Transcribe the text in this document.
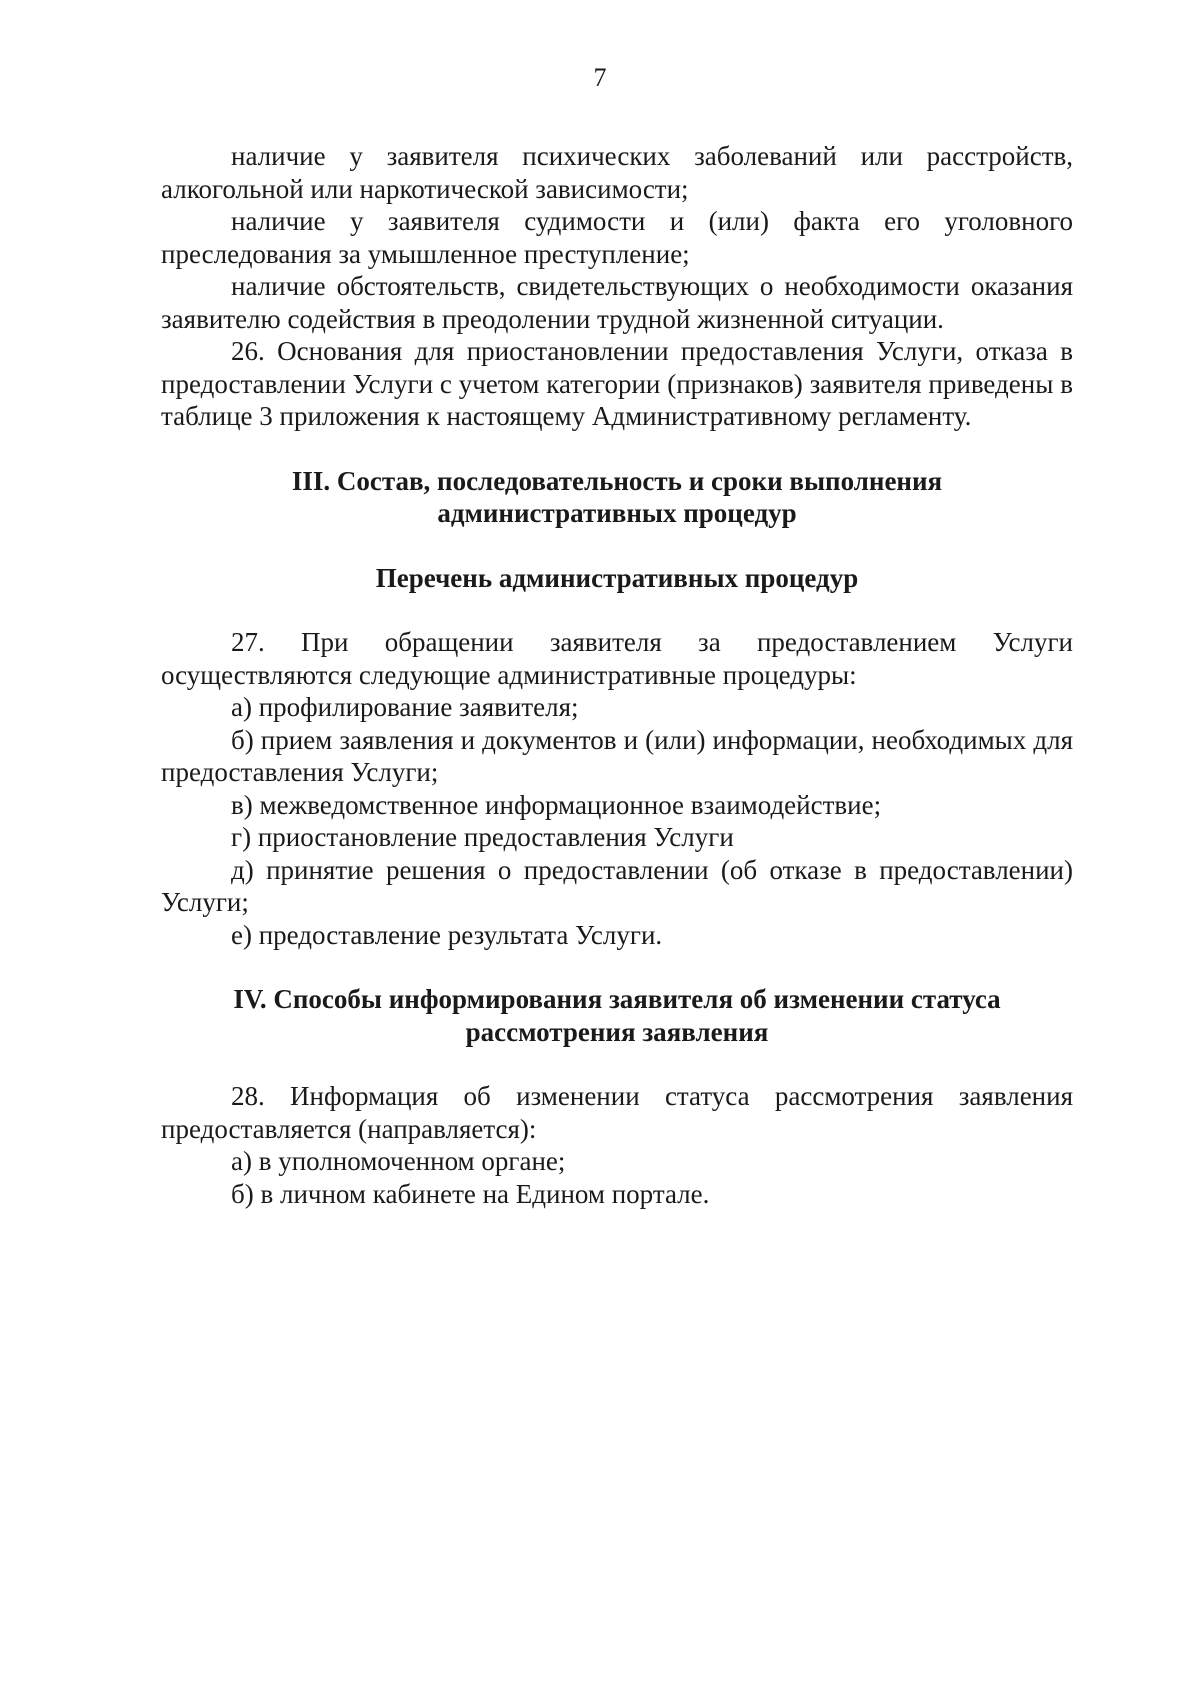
7

наличие у заявителя психических заболеваний или расстройств, алкогольной или наркотической зависимости;

наличие у заявителя судимости и (или) факта его уголовного преследования за умышленное преступление;

наличие обстоятельств, свидетельствующих о необходимости оказания заявителю содействия в преодолении трудной жизненной ситуации.

26. Основания для приостановлении предоставления Услуги, отказа в предоставлении Услуги с учетом категории (признаков) заявителя приведены в таблице 3 приложения к настоящему Административному регламенту.

III. Состав, последовательность и сроки выполнения

административных процедур

Перечень административных процедур

27. При обращении заявителя за предоставлением Услуги осуществляются следующие административные процедуры:

а) профилирование заявителя;

б) прием заявления и документов и (или) информации, необходимых для предоставления Услуги;

в) межведомственное информационное взаимодействие;

г) приостановление предоставления Услуги

д) принятие решения о предоставлении (об отказе в предоставлении) Услуги;

е) предоставление результата Услуги.

IV. Способы информирования заявителя об изменении статуса

рассмотрения заявления

28. Информация об изменении статуса рассмотрения заявления предоставляется (направляется):

а) в уполномоченном органе;

б) в личном кабинете на Едином портале.
